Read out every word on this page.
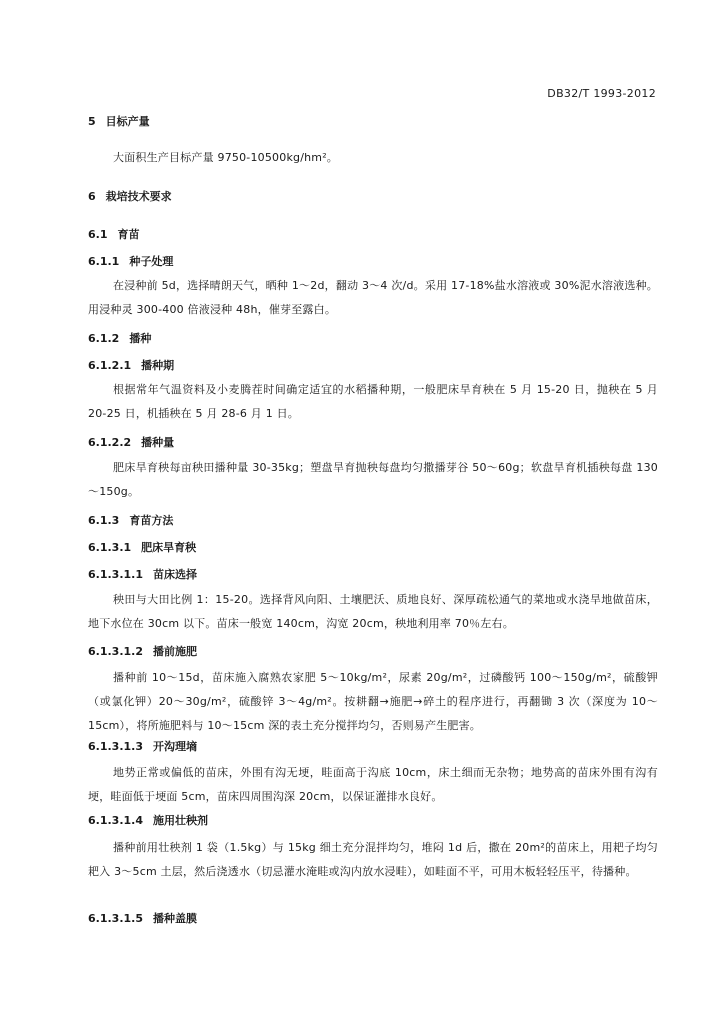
DB32/T 1993-2012
5 目标产量
大面积生产目标产量 9750-10500kg/hm²。
6 栽培技术要求
6.1 育苗
6.1.1 种子处理
在浸种前 5d，选择晴朗天气，晒种 1～2d，翻动 3～4 次/d。采用 17-18%盐水溶液或 30%泥水溶液选种。用浸种灵 300-400 倍液浸种 48h，催芽至露白。
6.1.2 播种
6.1.2.1 播种期
根据常年气温资料及小麦腾茬时间确定适宜的水稻播种期，一般肥床旱育秧在 5 月 15-20 日，抛秧在 5 月 20-25 日，机插秧在 5 月 28-6 月 1 日。
6.1.2.2 播种量
肥床旱育秧每亩秧田播种量 30-35kg；塑盘旱育抛秧每盘均匀撒播芽谷 50～60g；软盘旱育机插秧每盘 130～150g。
6.1.3 育苗方法
6.1.3.1 肥床旱育秧
6.1.3.1.1 苗床选择
秧田与大田比例 1：15-20。选择背风向阳、土壤肥沃、质地良好、深厚疏松通气的菜地或水浇旱地做苗床，地下水位在 30cm 以下。苗床一般宽 140cm，沟宽 20cm，秧地利用率 70％左右。
6.1.3.1.2 播前施肥
播种前 10～15d，苗床施入腐熟农家肥 5～10kg/m²，尿素 20g/m²，过磷酸钙 100～150g/m²，硫酸钾（或氯化钾）20～30g/m²，硫酸锌 3～4g/m²。按耕翻→施肥→碎土的程序进行，再翻锄 3 次（深度为 10～15cm），将所施肥料与 10～15cm 深的表土充分搅拌均匀，否则易产生肥害。
6.1.3.1.3 开沟理墒
地势正常或偏低的苗床，外围有沟无埂，畦面高于沟底 10cm，床土细而无杂物；地势高的苗床外围有沟有埂，畦面低于埂面 5cm，苗床四周围沟深 20cm，以保证灌排水良好。
6.1.3.1.4 施用壮秧剂
播种前用壮秧剂 1 袋（1.5kg）与 15kg 细土充分混拌均匀，堆闷 1d 后，撒在 20m²的苗床上，用耙子均匀耙入 3～5cm 土层，然后浇透水（切忌灌水淹畦或沟内放水浸畦），如畦面不平，可用木板轻轻压平，待播种。
6.1.3.1.5 播种盖膜
